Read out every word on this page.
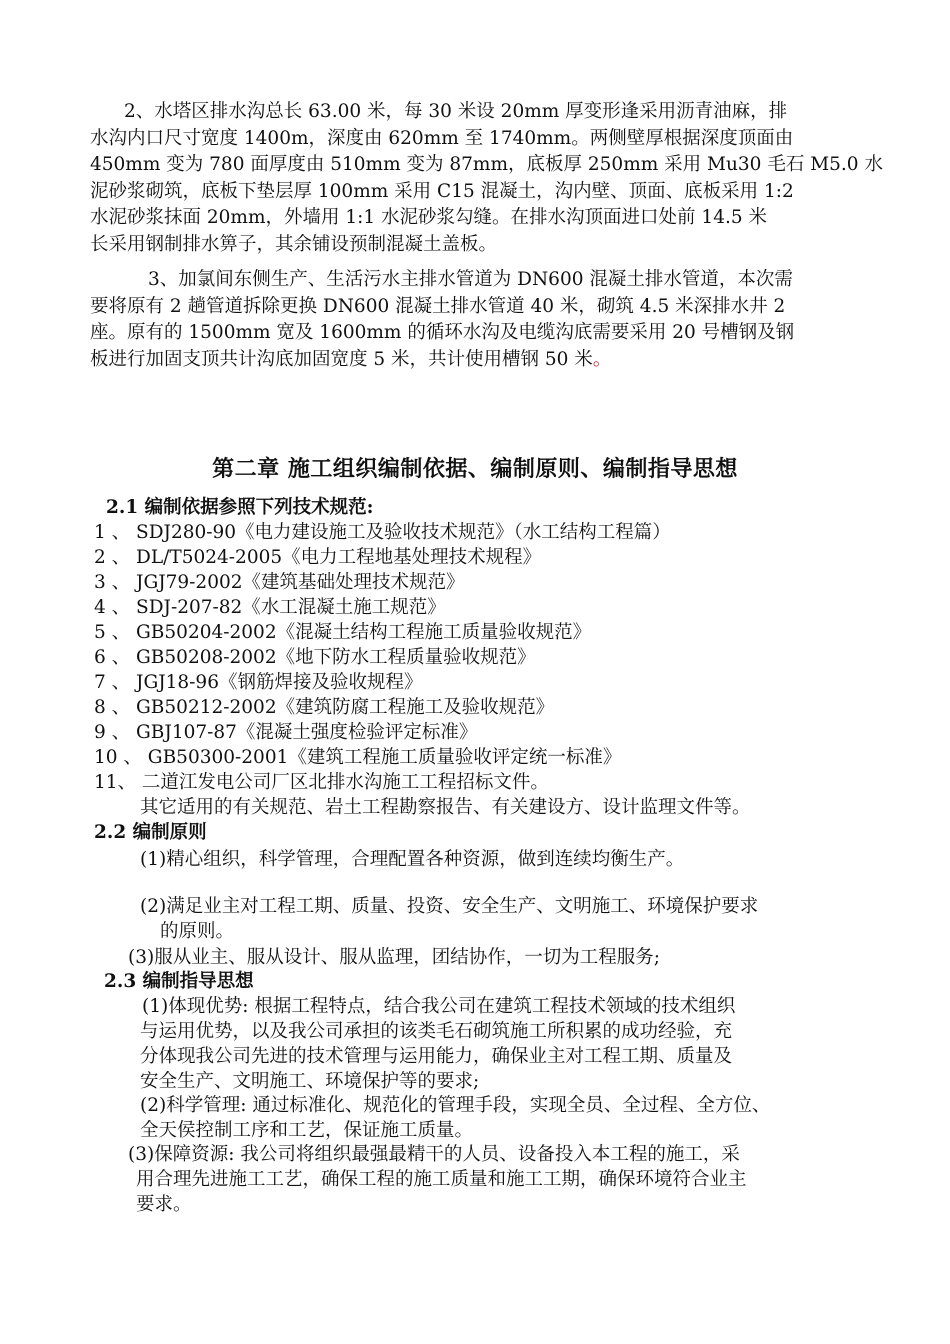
2、水塔区排水沟总长 63.00 米，每 30 米设 20mm 厚变形逢采用沥青油麻，排
水沟内口尺寸宽度 1400m，深度由 620mm 至 1740mm。两侧壁厚根据深度顶面由
450mm 变为 780 面厚度由 510mm 变为 87mm，底板厚 250mm 采用 Mu30 毛石 M5.0 水
泥砂浆砌筑，底板下垫层厚 100mm 采用 C15 混凝土，沟内壁、顶面、底板采用 1:2
水泥砂浆抹面 20mm，外墙用 1:1 水泥砂浆勾缝。在排水沟顶面进口处前 14.5 米
长采用钢制排水箅子，其余铺设预制混凝土盖板。
3、加氯间东侧生产、生活污水主排水管道为 DN600 混凝土排水管道，本次需
要将原有 2 趟管道拆除更换 DN600 混凝土排水管道 40 米，砌筑 4.5 米深排水井 2
座。原有的 1500mm 宽及 1600mm 的循环水沟及电缆沟底需要采用 20 号槽钢及钢
板进行加固支顶共计沟底加固宽度 5 米，共计使用槽钢 50 米。
第二章 施工组织编制依据、编制原则、编制指导思想
2.1 编制依据参照下列技术规范:
1 、 SDJ280-90《电力建设施工及验收技术规范》（水工结构工程篇）
2 、 DL/T5024-2005《电力工程地基处理技术规程》
3 、 JGJ79-2002《建筑基础处理技术规范》
4 、 SDJ-207-82《水工混凝土施工规范》
5 、 GB50204-2002《混凝土结构工程施工质量验收规范》
6 、 GB50208-2002《地下防水工程质量验收规范》
7 、 JGJ18-96《钢筋焊接及验收规程》
8 、 GB50212-2002《建筑防腐工程施工及验收规范》
9 、 GBJ107-87《混凝土强度检验评定标准》
10 、 GB50300-2001《建筑工程施工质量验收评定统一标准》
11、 二道江发电公司厂区北排水沟施工工程招标文件。
其它适用的有关规范、岩土工程勘察报告、有关建设方、设计监理文件等。
2.2 编制原则
(1)精心组织，科学管理，合理配置各种资源，做到连续均衡生产。
(2)满足业主对工程工期、质量、投资、安全生产、文明施工、环境保护要求
的原则。
(3)服从业主、服从设计、服从监理，团结协作，一切为工程服务;
2.3 编制指导思想
(1)体现优势: 根据工程特点，结合我公司在建筑工程技术领域的技术组织
与运用优势，以及我公司承担的该类毛石砌筑施工所积累的成功经验，充
分体现我公司先进的技术管理与运用能力，确保业主对工程工期、质量及
安全生产、文明施工、环境保护等的要求;
(2)科学管理: 通过标准化、规范化的管理手段，实现全员、全过程、全方位、
全天侯控制工序和工艺，保证施工质量。
(3)保障资源: 我公司将组织最强最精干的人员、设备投入本工程的施工，采
用合理先进施工工艺，确保工程的施工质量和施工工期，确保环境符合业主
要求。
